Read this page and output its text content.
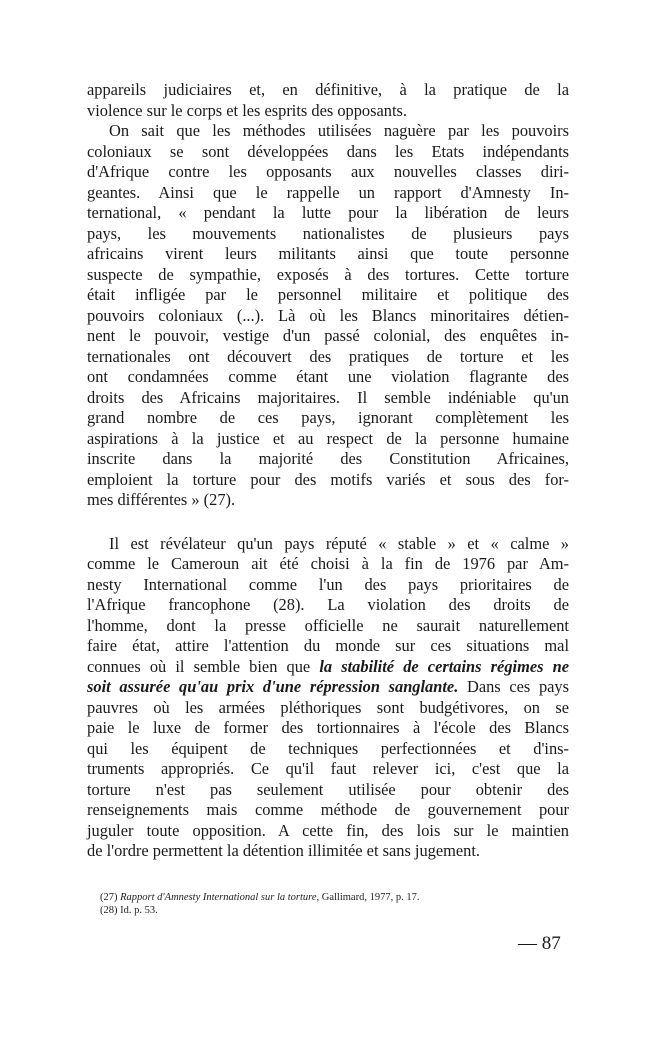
appareils judiciaires et, en définitive, à la pratique de la
violence sur le corps et les esprits des opposants.
On sait que les méthodes utilisées naguère par les pouvoirs
coloniaux se sont développées dans les Etats indépendants
d'Afrique contre les opposants aux nouvelles classes diri-
geantes. Ainsi que le rappelle un rapport d'Amnesty In-
ternational, « pendant la lutte pour la libération de leurs
pays, les mouvements nationalistes de plusieurs pays
africains virent leurs militants ainsi que toute personne
suspecte de sympathie, exposés à des tortures. Cette torture
était infligée par le personnel militaire et politique des
pouvoirs coloniaux (...). Là où les Blancs minoritaires détien-
nent le pouvoir, vestige d'un passé colonial, des enquêtes in-
ternationales ont découvert des pratiques de torture et les
ont condamnées comme étant une violation flagrante des
droits des Africains majoritaires. Il semble indéniable qu'un
grand nombre de ces pays, ignorant complètement les
aspirations à la justice et au respect de la personne humaine
inscrite dans la majorité des Constitution Africaines,
emploient la torture pour des motifs variés et sous des for-
mes différentes » (27).
Il est révélateur qu'un pays réputé « stable » et « calme »
comme le Cameroun ait été choisi à la fin de 1976 par Am-
nesty International comme l'un des pays prioritaires de
l'Afrique francophone (28). La violation des droits de
l'homme, dont la presse officielle ne saurait naturellement
faire état, attire l'attention du monde sur ces situations mal
connues où il semble bien que la stabilité de certains régimes ne
soit assurée qu'au prix d'une répression sanglante. Dans ces pays
pauvres où les armées pléthoriques sont budgétivores, on se
paie le luxe de former des tortionnaires à l'école des Blancs
qui les équipent de techniques perfectionnées et d'ins-
truments appropriés. Ce qu'il faut relever ici, c'est que la
torture n'est pas seulement utilisée pour obtenir des
renseignements mais comme méthode de gouvernement pour
juguler toute opposition. A cette fin, des lois sur le maintien
de l'ordre permettent la détention illimitée et sans jugement.
(27) Rapport d'Amnesty International sur la torture, Gallimard, 1977, p. 17.
(28) Id. p. 53.
— 87
